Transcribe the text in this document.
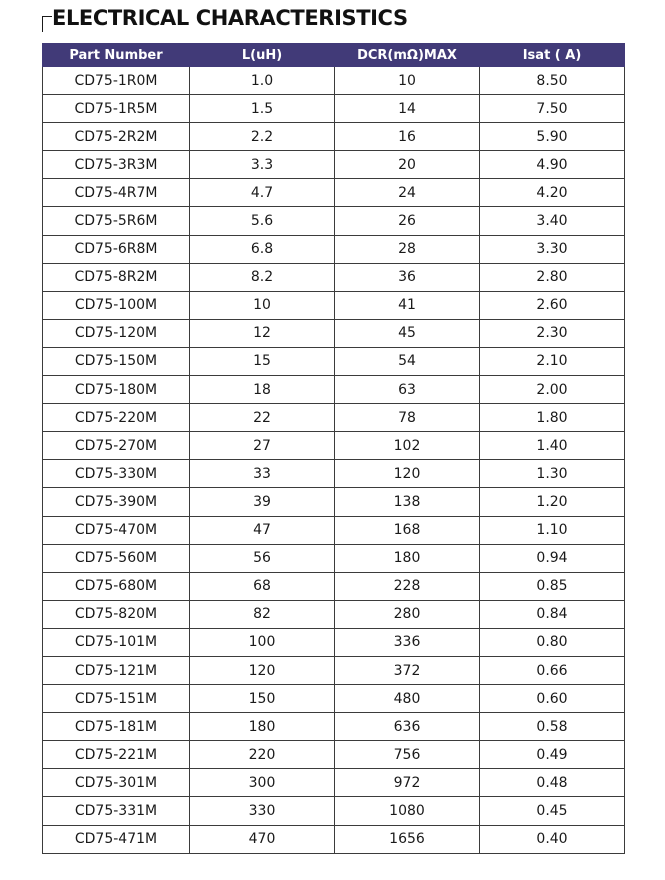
ELECTRICAL CHARACTERISTICS
Part Number	L(uH)	DCR(mΩ)MAX	Isat ( A)
CD75-1R0M	1.0	10	8.50
CD75-1R5M	1.5	14	7.50
CD75-2R2M	2.2	16	5.90
CD75-3R3M	3.3	20	4.90
CD75-4R7M	4.7	24	4.20
CD75-5R6M	5.6	26	3.40
CD75-6R8M	6.8	28	3.30
CD75-8R2M	8.2	36	2.80
CD75-100M	10	41	2.60
CD75-120M	12	45	2.30
CD75-150M	15	54	2.10
CD75-180M	18	63	2.00
CD75-220M	22	78	1.80
CD75-270M	27	102	1.40
CD75-330M	33	120	1.30
CD75-390M	39	138	1.20
CD75-470M	47	168	1.10
CD75-560M	56	180	0.94
CD75-680M	68	228	0.85
CD75-820M	82	280	0.84
CD75-101M	100	336	0.80
CD75-121M	120	372	0.66
CD75-151M	150	480	0.60
CD75-181M	180	636	0.58
CD75-221M	220	756	0.49
CD75-301M	300	972	0.48
CD75-331M	330	1080	0.45
CD75-471M	470	1656	0.40
